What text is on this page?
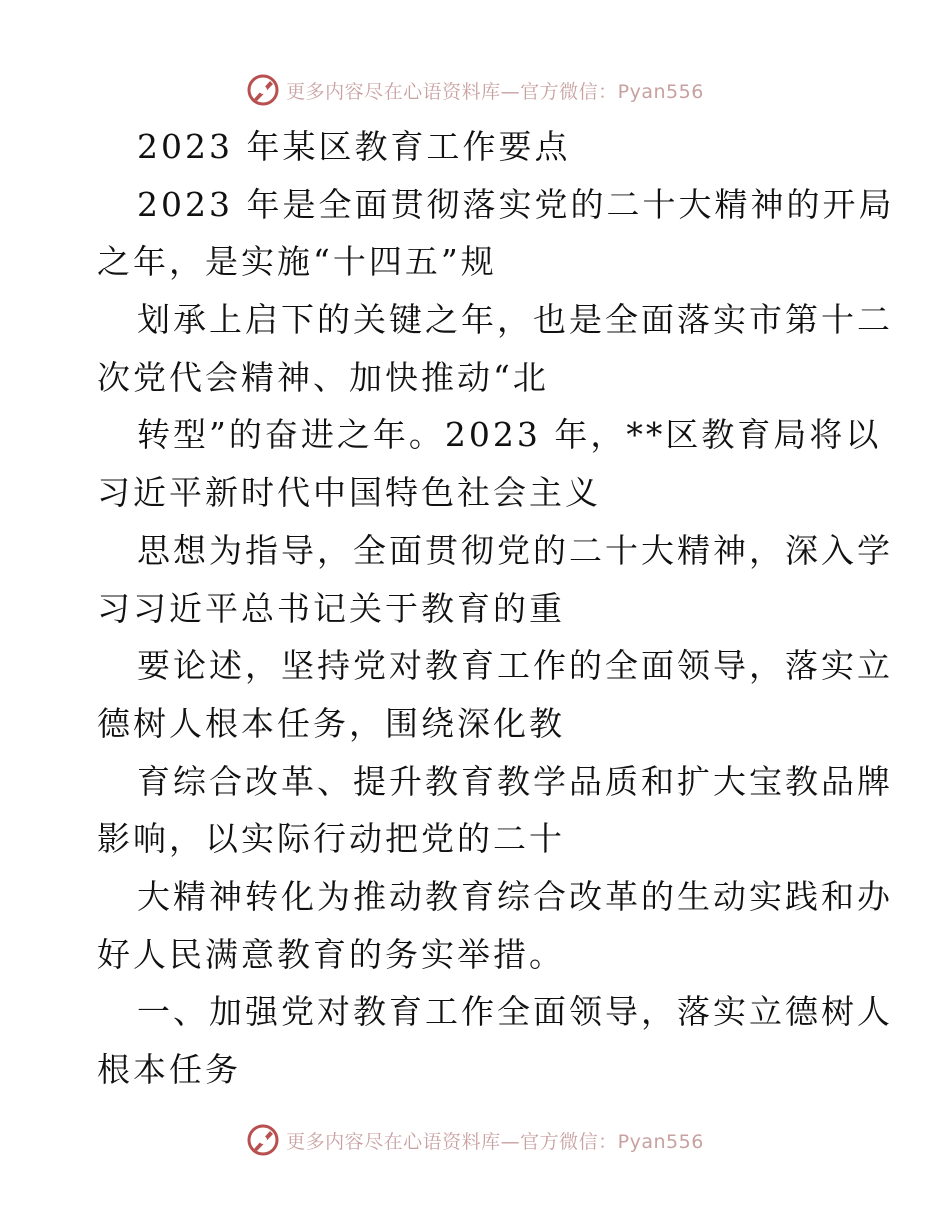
更多内容尽在心语资料库—官方微信：Pyan556
2023 年某区教育工作要点
2023 年是全面贯彻落实党的二十大精神的开局
之年，是实施“十四五”规
划承上启下的关键之年，也是全面落实市第十二
次党代会精神、加快推动“北
转型”的奋进之年。2023 年，**区教育局将以
习近平新时代中国特色社会主义
思想为指导，全面贯彻党的二十大精神，深入学
习习近平总书记关于教育的重
要论述，坚持党对教育工作的全面领导，落实立
德树人根本任务，围绕深化教
育综合改革、提升教育教学品质和扩大宝教品牌
影响，以实际行动把党的二十
大精神转化为推动教育综合改革的生动实践和办
好人民满意教育的务实举措。
一、加强党对教育工作全面领导，落实立德树人
根本任务
更多内容尽在心语资料库—官方微信：Pyan556
